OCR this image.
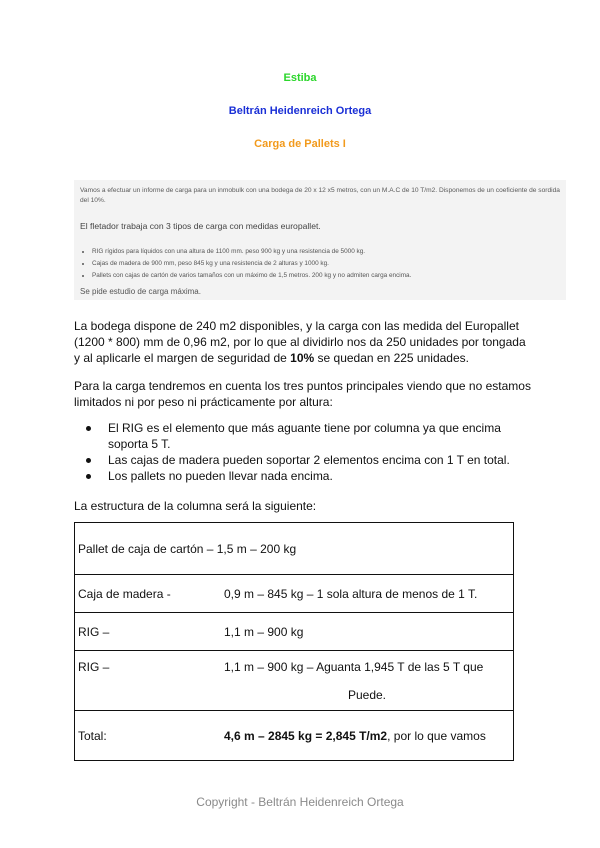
Estiba
Beltrán Heidenreich Ortega
Carga de Pallets I
Vamos a efectuar un informe de carga para un inmobulk con una bodega de 20 x 12 x5 metros, con un M.A.C de 10 T/m2. Disponemos de un coeficiente de sordida del 10%.
El fletador trabaja con 3 tipos de carga con medidas europallet.
• RIG rígidos para líquidos con una altura de 1100 mm. peso 900 kg y una resistencia de 5000 kg.
• Cajas de madera de 900 mm, peso 845 kg y una resistencia de 2 alturas y 1000 kg.
• Pallets con cajas de cartón de varios tamaños con un máximo de 1,5 metros. 200 kg y no admiten carga encima.
Se pide estudio de carga máxima.
La bodega dispone de 240 m2 disponibles, y la carga con las medida del Europallet (1200 * 800) mm de 0,96 m2, por lo que al dividirlo nos da 250 unidades por tongada y al aplicarle el margen de seguridad de 10% se quedan en 225 unidades.
Para la carga tendremos en cuenta los tres puntos principales viendo que no estamos limitados ni por peso ni prácticamente por altura:
El RIG es el elemento que más aguante tiene por columna ya que encima soporta 5 T.
Las cajas de madera pueden soportar 2 elementos encima con 1 T en total.
Los pallets no pueden llevar nada encima.
La estructura de la columna será la siguiente:
Pallet de caja de cartón – 1,5 m – 200 kg
Caja de madera -	0,9 m – 845 kg – 1 sola altura de menos de 1 T.
RIG –	1,1 m – 900 kg

RIG –	1,1 m – 900 kg – Aguanta 1,945 T de las 5 T que
Puede.

Total:	4,6 m – 2845 kg = 2,845 T/m2, por lo que vamos
Copyright - Beltrán Heidenreich Ortega
